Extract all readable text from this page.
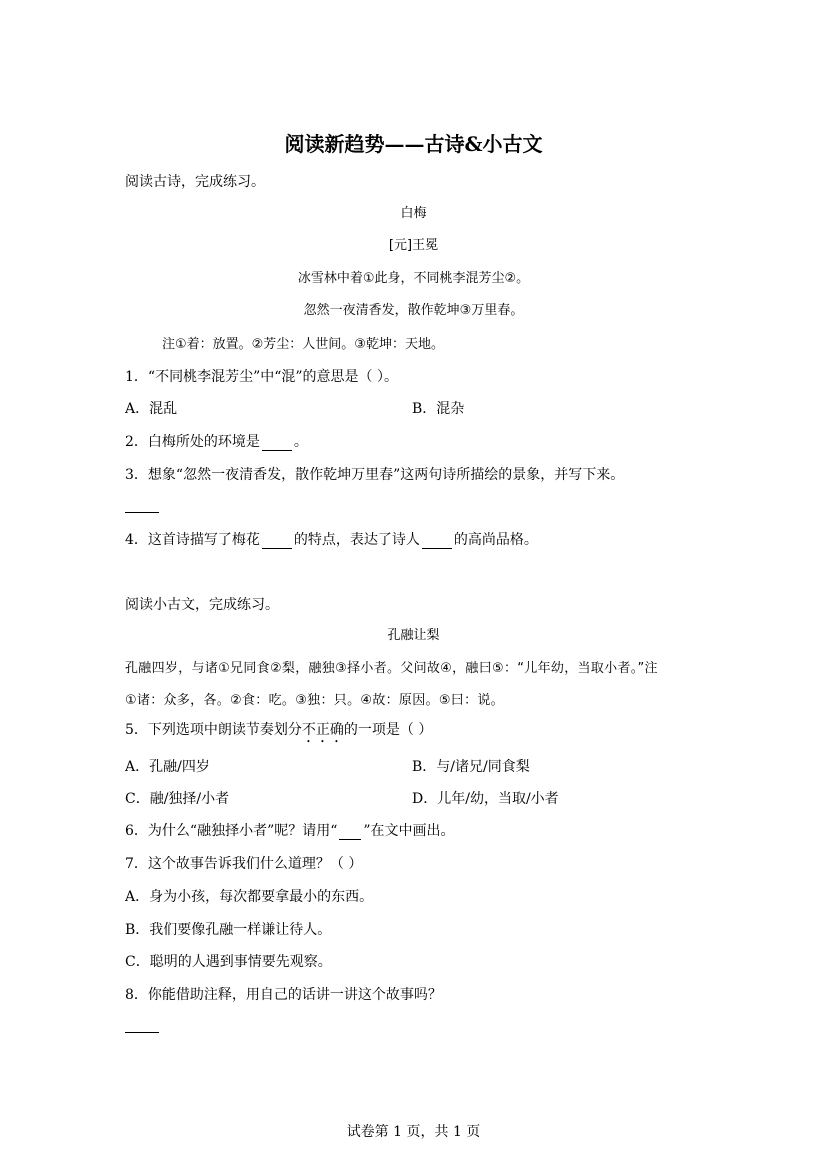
阅读新趋势——古诗&小古文
阅读古诗，完成练习。
白梅
[元]王冕
冰雪林中着①此身，不同桃李混芳尘②。
忽然一夜清香发，散作乾坤③万里春。
注①着：放置。②芳尘：人世间。③乾坤：天地。
1．“不同桃李混芳尘”中“混”的意思是（ ）。
A．混乱	B．混杂
2．白梅所处的环境是 。
3．想象“忽然一夜清香发，散作乾坤万里春”这两句诗所描绘的景象，并写下来。
4．这首诗描写了梅花 的特点，表达了诗人 的高尚品格。
阅读小古文，完成练习。
孔融让梨
孔融四岁，与诸①兄同食②梨，融独③择小者。父问故④，融曰⑤：“儿年幼，当取小者。”注
①诸：众多，各。②食：吃。③独：只。④故：原因。⑤曰：说。
5．下列选项中朗读节奏划分不正确的一项是（ ）
A．孔融/四岁	B．与/诸兄/同食梨
C．融/独择/小者	D．儿年/幼，当取/小者
6．为什么“融独择小者”呢？请用“ ”在文中画出。
7．这个故事告诉我们什么道理？（ ）
A．身为小孩，每次都要拿最小的东西。
B．我们要像孔融一样谦让待人。
C．聪明的人遇到事情要先观察。
8．你能借助注释，用自己的话讲一讲这个故事吗？
试卷第 1 页，共 1 页
